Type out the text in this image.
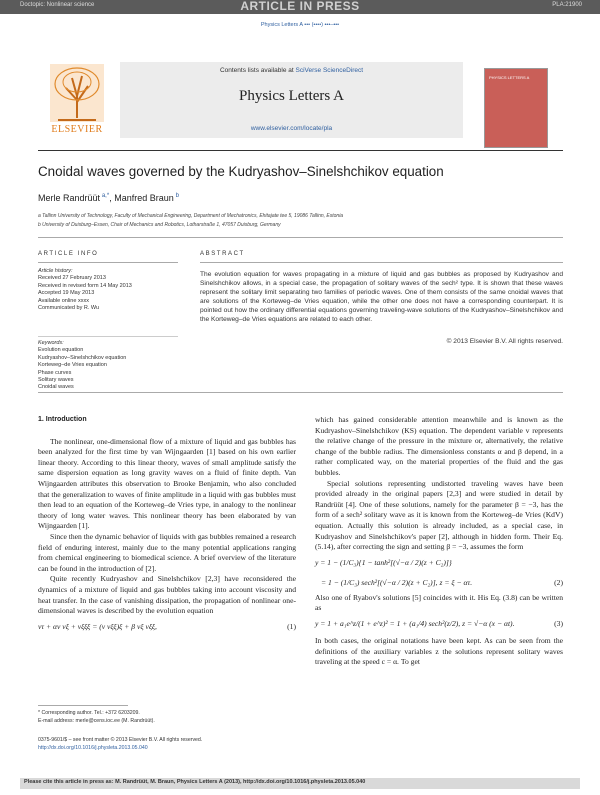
Doctopic: Nonlinear science	ARTICLE IN PRESS	PLA:21900
Physics Letters A ••• (••••) •••–•••
ELSEVIER
Contents lists available at SciVerse ScienceDirect
Physics Letters A
www.elsevier.com/locate/pla
PHYSICS LETTERS A
Cnoidal waves governed by the Kudryashov–Sinelshchikov equation
Merle Randrüüt  $^{a,*}$, Manfred Braun  $^b$
a Tallinn University of Technology, Faculty of Mechanical Engineering, Department of Mechatronics, Ehitajate tee 5, 19086 Tallinn, Estonia
b University of Duisburg–Essen, Chair of Mechanics and Robotics, Lotharstraße 1, 47057 Duisburg, Germany
ARTICLE INFO
Article history:
Received 27 February 2013
Received in revised form 14 May 2013
Accepted 19 May 2013
Available online xxxx
Communicated by R. Wu
Keywords:
Evolution equation
Kudryashov–Sinelshchikov equation
Korteweg–de Vries equation
Phase curves
Solitary waves
Cnoidal waves
ABSTRACT
The evolution equation for waves propagating in a mixture of liquid and gas bubbles as proposed by Kudryashov and Sinelshchikov allows, in a special case, the propagation of solitary waves of the sech² type. It is shown that these waves represent the solitary limit separating two families of periodic waves. One of them consists of the same cnoidal waves that are solutions of the Korteweg–de Vries equation, while the other one does not have a corresponding counterpart. It is pointed out how the ordinary differential equations governing traveling-wave solutions of the Kudryashov–Sinelshchikov and the Korteweg–de Vries equations are related to each other.
© 2013 Elsevier B.V. All rights reserved.

1. Introduction

The nonlinear, one-dimensional flow of a mixture of liquid and gas bubbles has been analyzed for the first time by van Wijngaarden [1] based on his own earlier linear theory. According to this linear theory, waves of small amplitude satisfy the same dispersion equation as long gravity waves on a fluid of finite depth. Van Wijngaarden attributes this observation to Brooke Benjamin, who also concluded that the generalization to waves of finite amplitude in a liquid with gas bubbles must then lead to an equation of the Korteweg–de Vries type, in analogy to the nonlinear theory of long water waves. This nonlinear theory has been elaborated by van Wijngaarden [1].

Since then the dynamic behavior of liquids with gas bubbles remained a research field of enduring interest, mainly due to the many potential applications ranging from chemical engineering to biomedical science. A brief overview of the literature can be found in the introduction of [2].

Quite recently Kudryashov and Sinelshchikov [2,3] have reconsidered the dynamics of a mixture of liquid and gas bubbles taking into account viscosity and heat transfer. In the case of vanishing dissipation, the propagation of nonlinear one-dimensional waves is described by the evolution equation

vτ + αv vξ + vξξξ = (v vξξ)ξ + β vξ vξξ,	(1)

which has gained considerable attention meanwhile and is known as the Kudryashov–Sinelshchikov (KS) equation. The dependent variable v represents the relative change of the pressure in the mixture or, alternatively, the relative change of the bubble radius. The dimensionless constants α and β depend, in a rather complicated way, on the material properties of the fluid and the gas bubbles.

Special solutions representing undistorted traveling waves have been provided already in the original papers [2,3] and were studied in detail by Randrüüt [4]. One of these solutions, namely for the parameter β = −3, has the form of a sech² solitary wave as it is known from the Korteweg–de Vries (KdV) equation. Actually this solution is already included, as a special case, in Kudryashov and Sinelshchikov's paper [2], although in hidden form. Their Eq. (5.14), after correcting the sign and setting β = −3, assumes the form

y = 1 − (1/C₃){1 − tanh²[(√−α / 2)(z + C₂)]}
= 1 − (1/C₃) sech²[(√−α / 2)(z + C₂)], z = ξ − ατ.	(2)

Also one of Ryabov's solutions [5] coincides with it. His Eq. (3.8) can be written as

y = 1 + a₁e^z/(1 + e^z)² = 1 + (a₁/4) sech²(z/2), z = √−α (x − αt).	(3)

In both cases, the original notations have been kept. As can be seen from the definitions of the auxiliary variables z the solutions represent solitary waves traveling at the speed c = α. To get

* Corresponding author. Tel.: +372 6203209.
E-mail address: merle@cens.ioc.ee (M. Randrüüt).
0375-9601/$ – see front matter © 2013 Elsevier B.V. All rights reserved.
http://dx.doi.org/10.1016/j.physleta.2013.05.040
Please cite this article in press as: M. Randrüüt, M. Braun, Physics Letters A (2013), http://dx.doi.org/10.1016/j.physleta.2013.05.040
